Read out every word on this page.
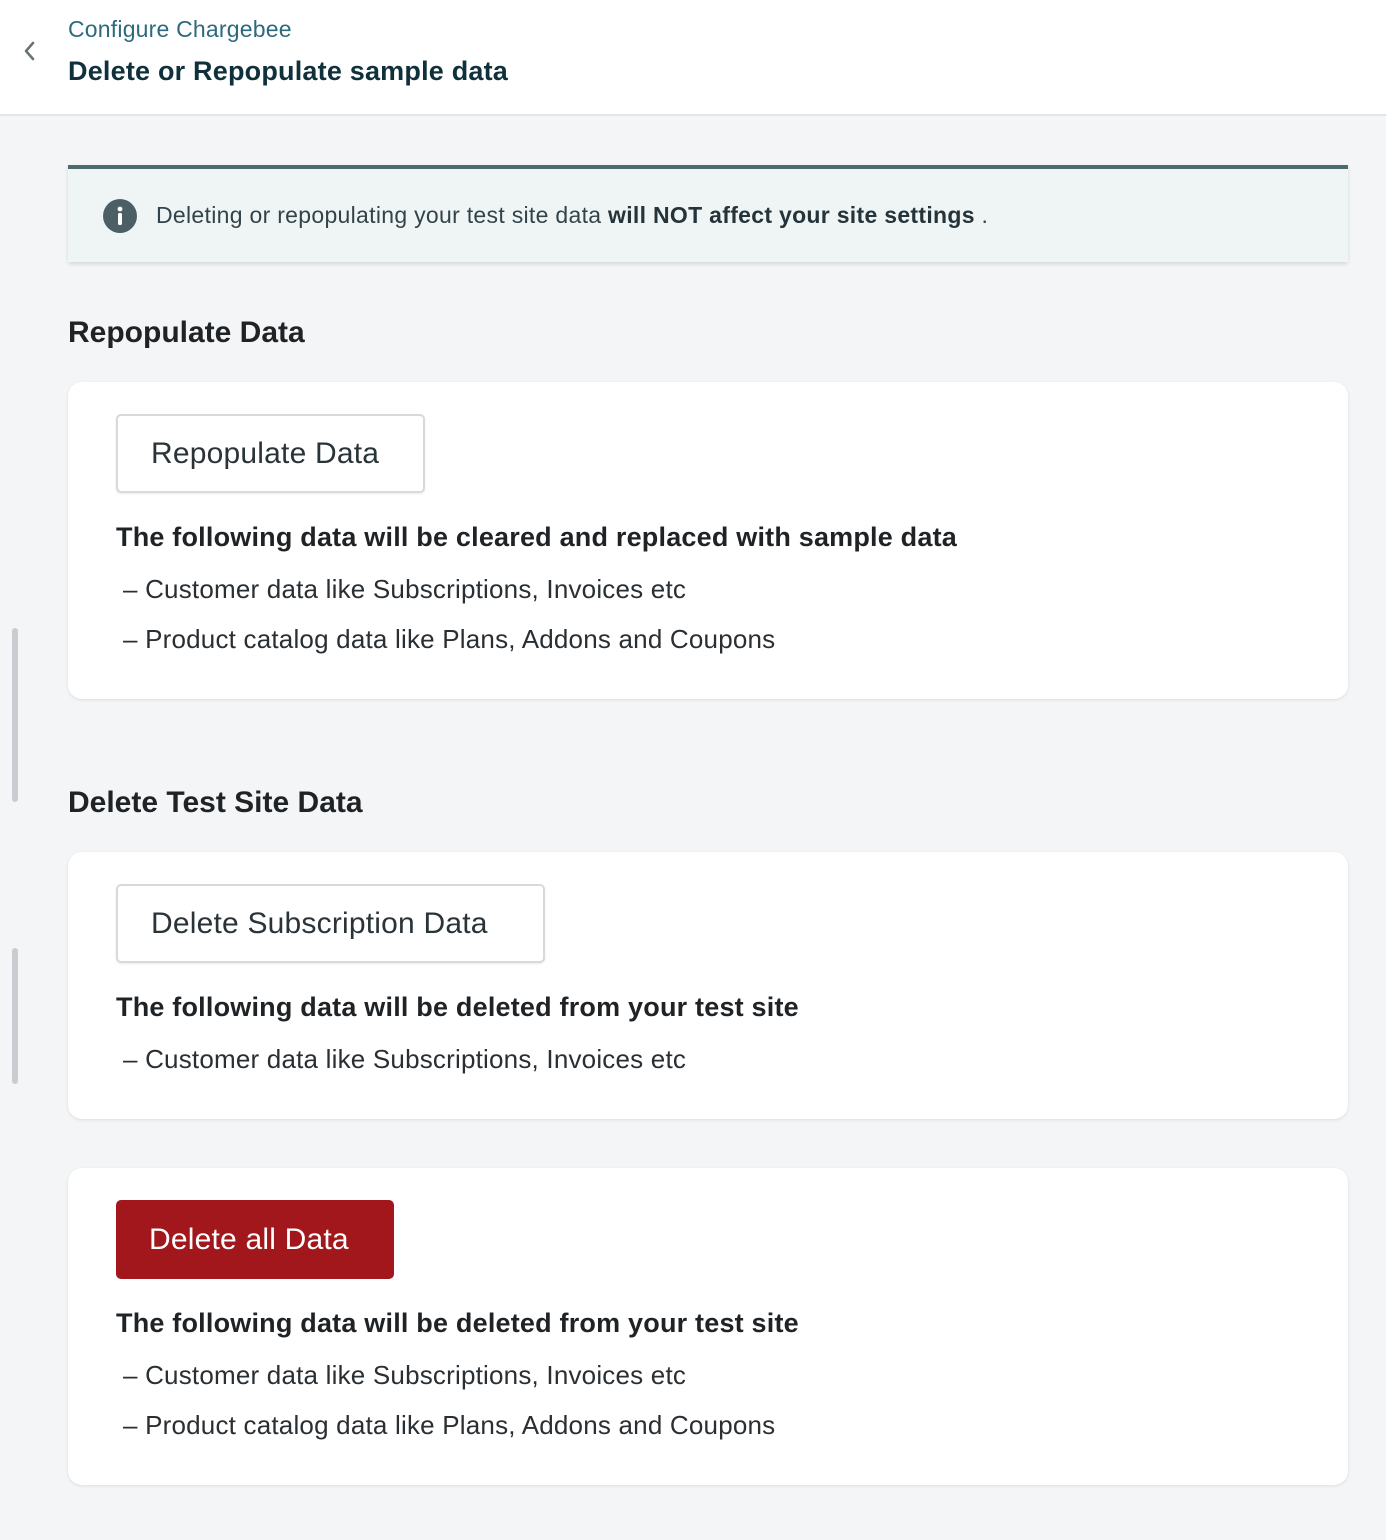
Configure Chargebee
Delete or Repopulate sample data
Deleting or repopulating your test site data will NOT affect your site settings .
Repopulate Data
Repopulate Data
The following data will be cleared and replaced with sample data
– Customer data like Subscriptions, Invoices etc
– Product catalog data like Plans, Addons and Coupons
Delete Test Site Data
Delete Subscription Data
The following data will be deleted from your test site
– Customer data like Subscriptions, Invoices etc
Delete all Data
The following data will be deleted from your test site
– Customer data like Subscriptions, Invoices etc
– Product catalog data like Plans, Addons and Coupons
